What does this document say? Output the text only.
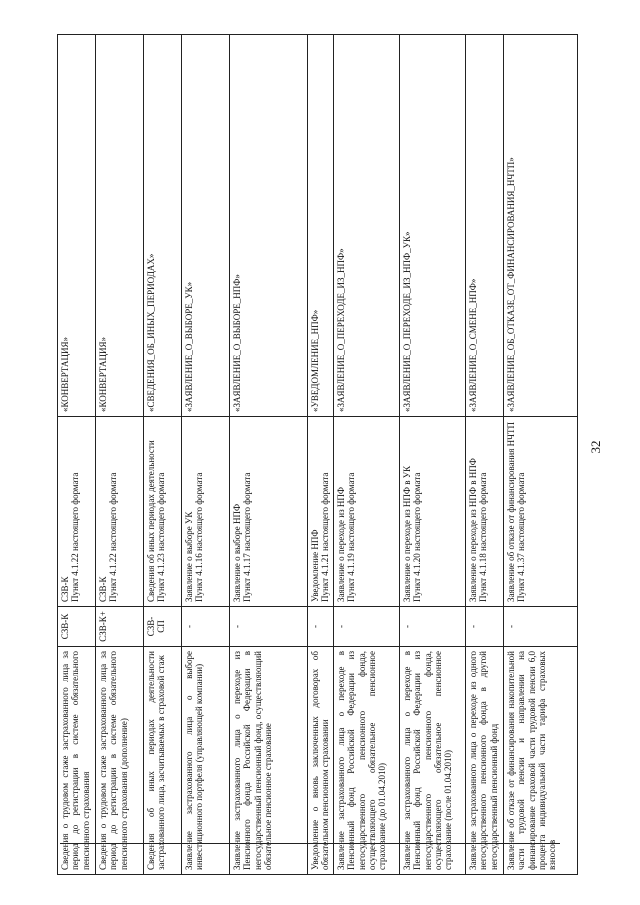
32
Сведения о трудовом стаже застрахованного лица за период до регистрации в системе обязательного пенсионного страхования	СЗВ-К	СЗВ-К Пункт 4.1.22 настоящего формата	«КОНВЕРТАЦИЯ»
Сведения о трудовом стаже застрахованного лица за период до регистрации в системе обязательного пенсионного страхования (дополнение)	СЗВ-К+	СЗВ-К Пункт 4.1.22 настоящего формата	«КОНВЕРТАЦИЯ»
Сведения об иных периодах деятельности застрахованного лица, засчитываемых в страховой стаж	СЗВ-СП	Сведения об иных периодах деятельности Пункт 4.1.23 настоящего формата	«СВЕДЕНИЯ_ОБ_ИНЫХ_ПЕРИОДАХ»
Заявление застрахованного лица о выборе инвестиционного портфеля (управляющей компании)	-	Заявление о выборе УК Пункт 4.1.16 настоящего формата	«ЗАЯВЛЕНИЕ_О_ВЫБОРЕ_УК»
Заявление застрахованного лица о переходе из Пенсионного фонда Российской Федерации в негосударственный пенсионный фонд, осуществляющий обязательное пенсионное страхование	-	Заявление о выборе НПФ Пункт 4.1.17 настоящего формата	«ЗАЯВЛЕНИЕ_О_ВЫБОРЕ_НПФ»
Уведомление о вновь заключенных договорах об обязательном пенсионном страховании	-	Уведомление НПФ Пункт 4.1.21 настоящего формата	«УВЕДОМЛЕНИЕ_НПФ»
Заявление застрахованного лица о переходе в Пенсионный фонд Российской Федерации из негосударственного пенсионного фонда, осуществляющего обязательное пенсионное страхование (до 01.04.2010)	-	Заявление о переходе из НПФ Пункт 4.1.19 настоящего формата	«ЗАЯВЛЕНИЕ_О_ПЕРЕХОДЕ_ИЗ_НПФ»
Заявление застрахованного лица о переходе в Пенсионный фонд Российской Федерации из негосударственного пенсионного фонда, осуществляющего обязательное пенсионное страхование (после 01.04.2010)	-	Заявление о переходе из НПФ в УК Пункт 4.1.20 настоящего формата	«ЗАЯВЛЕНИЕ_О_ПЕРЕХОДЕ_ИЗ_НПФ_УК»
Заявление застрахованного лица о переходе из одного негосударственного пенсионного фонда в другой негосударственный пенсионный фонд	-	Заявление о переходе из НПФ в НПФ Пункт 4.1.18 настоящего формата	«ЗАЯВЛЕНИЕ_О_СМЕНЕ_НПФ»
Заявление об отказе от финансирования накопительной части трудовой пенсии и направлении на финансирование страховой части трудовой пенсии 6,0 процента индивидуальной части тарифа страховых взносов	-	Заявление об отказе от финансирования НЧТП Пункт 4.1.37 настоящего формата	«ЗАЯВЛЕНИЕ_ОБ_ОТКАЗЕ_ОТ_ФИНАНСИРОВАНИЯ_НЧТП»
